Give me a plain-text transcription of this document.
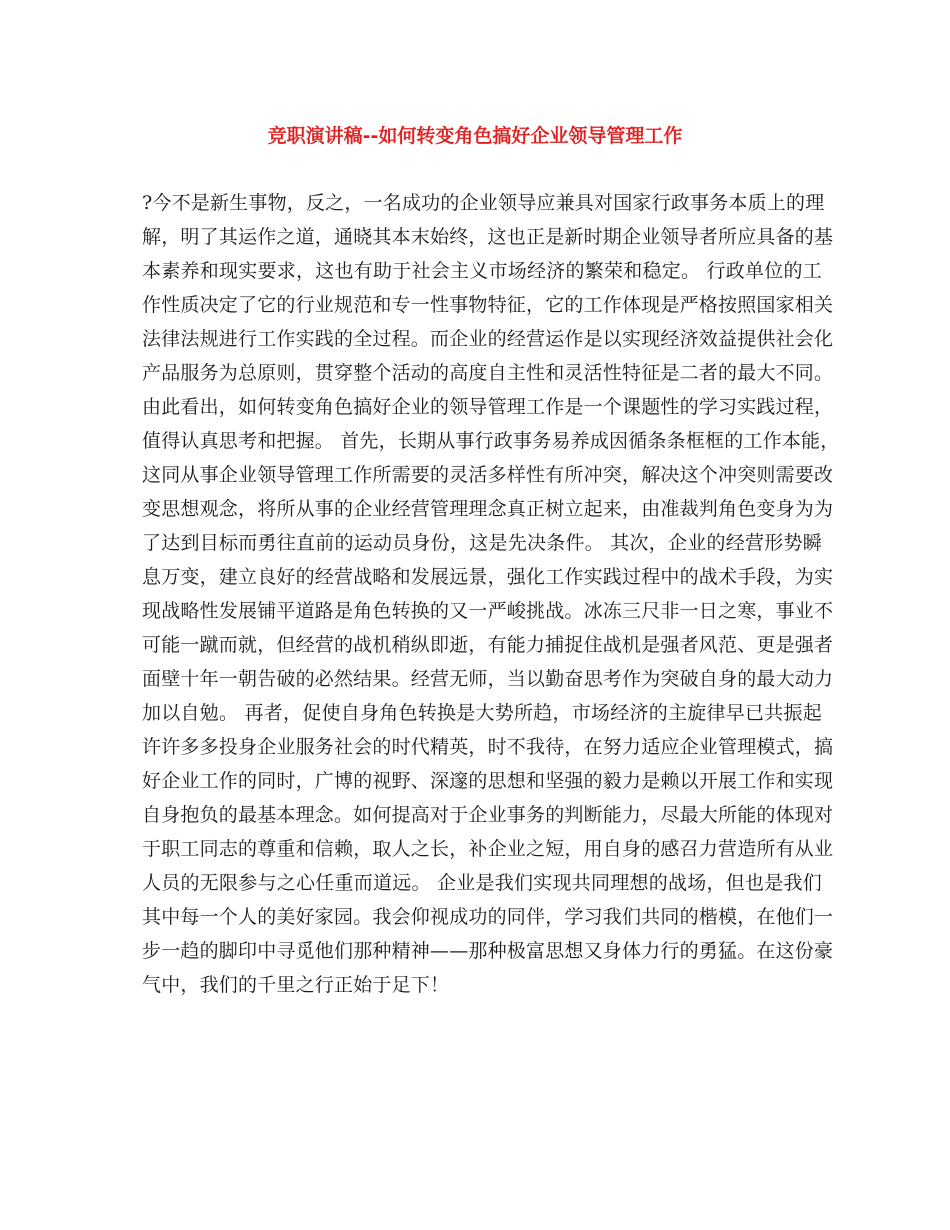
竞职演讲稿--如何转变角色搞好企业领导管理工作
?今不是新生事物，反之，一名成功的企业领导应兼具对国家行政事务本质上的理
解，明了其运作之道，通晓其本末始终，这也正是新时期企业领导者所应具备的基
本素养和现实要求，这也有助于社会主义市场经济的繁荣和稳定。 行政单位的工
作性质决定了它的行业规范和专一性事物特征，它的工作体现是严格按照国家相关
法律法规进行工作实践的全过程。而企业的经营运作是以实现经济效益提供社会化
产品服务为总原则，贯穿整个活动的高度自主性和灵活性特征是二者的最大不同。
由此看出，如何转变角色搞好企业的领导管理工作是一个课题性的学习实践过程，
值得认真思考和把握。 首先，长期从事行政事务易养成因循条条框框的工作本能，
这同从事企业领导管理工作所需要的灵活多样性有所冲突，解决这个冲突则需要改
变思想观念，将所从事的企业经营管理理念真正树立起来，由准裁判角色变身为为
了达到目标而勇往直前的运动员身份，这是先决条件。 其次，企业的经营形势瞬
息万变，建立良好的经营战略和发展远景，强化工作实践过程中的战术手段，为实
现战略性发展铺平道路是角色转换的又一严峻挑战。冰冻三尺非一日之寒，事业不
可能一蹴而就，但经营的战机稍纵即逝，有能力捕捉住战机是强者风范、更是强者
面壁十年一朝告破的必然结果。经营无师，当以勤奋思考作为突破自身的最大动力
加以自勉。 再者，促使自身角色转换是大势所趋，市场经济的主旋律早已共振起
许许多多投身企业服务社会的时代精英，时不我待，在努力适应企业管理模式，搞
好企业工作的同时，广博的视野、深邃的思想和坚强的毅力是赖以开展工作和实现
自身抱负的最基本理念。如何提高对于企业事务的判断能力，尽最大所能的体现对
于职工同志的尊重和信赖，取人之长，补企业之短，用自身的感召力营造所有从业
人员的无限参与之心任重而道远。 企业是我们实现共同理想的战场，但也是我们
其中每一个人的美好家园。我会仰视成功的同伴，学习我们共同的楷模，在他们一
步一趋的脚印中寻觅他们那种精神——那种极富思想又身体力行的勇猛。在这份豪
气中，我们的千里之行正始于足下！
